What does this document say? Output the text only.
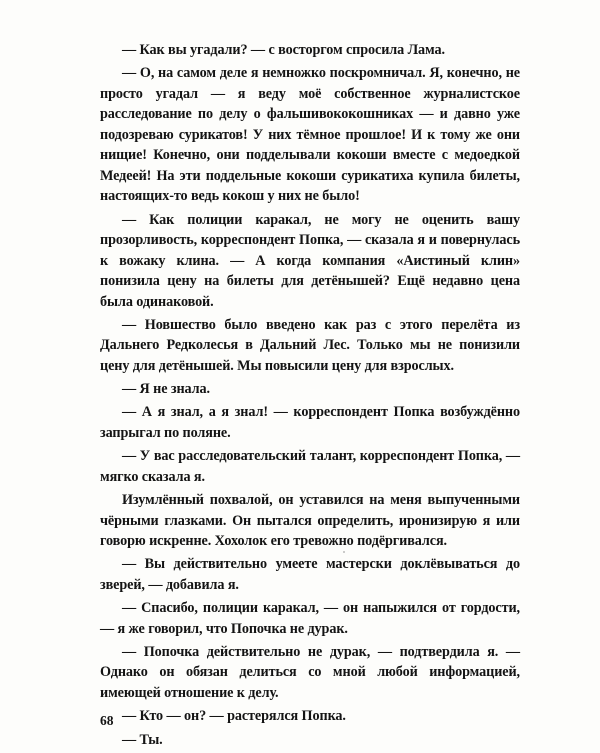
— Как вы угадали? — с восторгом спросила Лама.

— О, на самом деле я немножко поскромничал. Я, конечно, не просто угадал — я веду моё собственное журналистское расследование по делу о фальшивококошниках — и давно уже подозреваю сурикатов! У них тёмное прошлое! И к тому же они нищие! Конечно, они подделывали кокоши вместе с медоедкой Медеей! На эти поддельные кокоши сурикатиха купила билеты, настоящих-то ведь кокош у них не было!

— Как полиции каракал, не могу не оценить вашу прозорливость, корреспондент Попка, — сказала я и повернулась к вожаку клина. — А когда компания «Аистиный клин» понизила цену на билеты для детёнышей? Ещё недавно цена была одинаковой.

— Новшество было введено как раз с этого перелёта из Дальнего Редколесья в Дальний Лес. Только мы не понизили цену для детёнышей. Мы повысили цену для взрослых.

— Я не знала.

— А я знал, а я знал! — корреспондент Попка возбуждённо запрыгал по поляне.

— У вас расследовательский талант, корреспондент Попка, — мягко сказала я.

Изумлённый похвалой, он уставился на меня выпученными чёрными глазками. Он пытался определить, иронизирую я или говорю искренне. Хохолок его тревожно подёргивался.

— Вы действительно умеете мастерски доклёвываться до зверей, — добавила я.

— Спасибо, полиции каракал, — он напыжился от гордости, — я же говорил, что Попочка не дурак.

— Попочка действительно не дурак, — подтвердила я. — Однако он обязан делиться со мной любой информацией, имеющей отношение к делу.

— Кто — он? — растерялся Попка.

— Ты.

68
